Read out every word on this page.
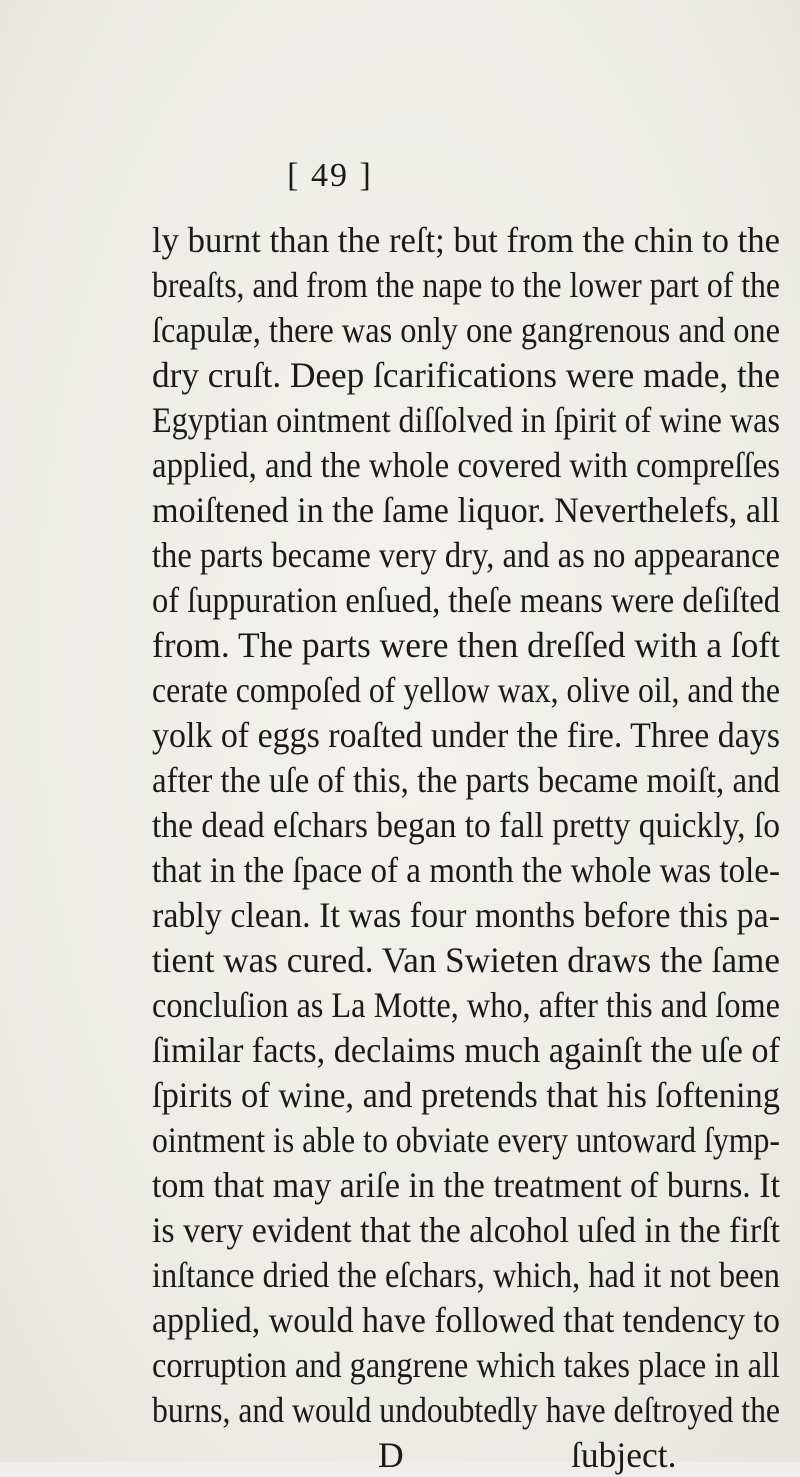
[ 49 ]
ly burnt than the reſt; but from the chin to the
breaſts, and from the nape to the lower part of the
ſcapulæ, there was only one gangrenous and one
dry cruſt. Deep ſcarifications were made, the
Egyptian ointment diſſolved in ſpirit of wine was
applied, and the whole covered with compreſſes
moiſtened in the ſame liquor. Neverthelefs, all
the parts became very dry, and as no appearance
of ſuppuration enſued, theſe means were deſiſted
from. The parts were then dreſſed with a ſoft
cerate compoſed of yellow wax, olive oil, and the
yolk of eggs roaſted under the fire. Three days
after the uſe of this, the parts became moiſt, and
the dead eſchars began to fall pretty quickly, ſo
that in the ſpace of a month the whole was tole-
rably clean. It was four months before this pa-
tient was cured. Van Swieten draws the ſame
concluſion as La Motte, who, after this and ſome
ſimilar facts, declaims much againſt the uſe of
ſpirits of wine, and pretends that his ſoftening
ointment is able to obviate every untoward ſymp-
tom that may ariſe in the treatment of burns. It
is very evident that the alcohol uſed in the firſt
inſtance dried the eſchars, which, had it not been
applied, would have followed that tendency to
corruption and gangrene which takes place in all
burns, and would undoubtedly have deſtroyed the
D	ſubject.
